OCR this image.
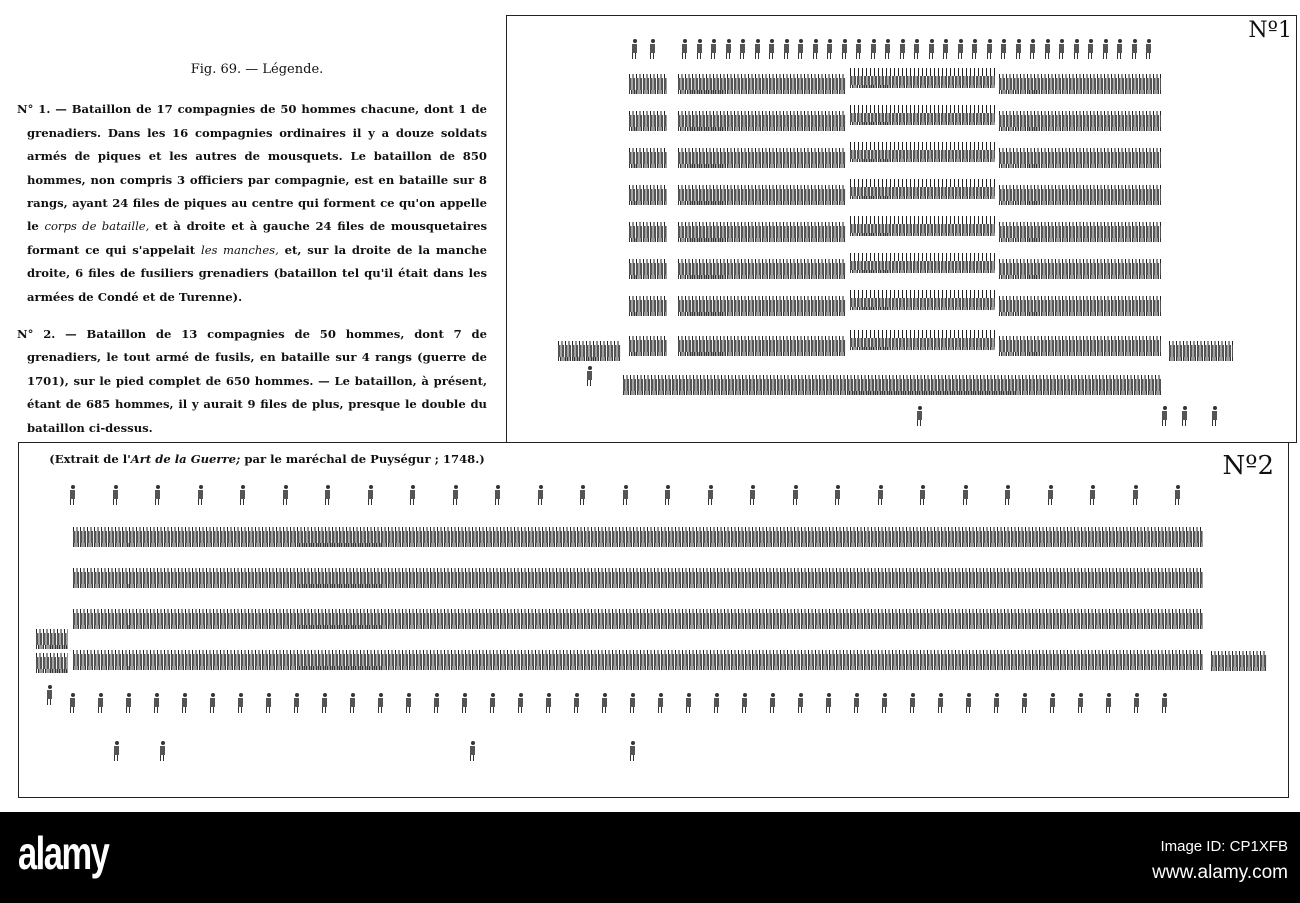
Fig. 69. — Légende.

N° 1. — Bataillon de 17 compagnies de 50 hommes chacune, dont 1 de grenadiers. Dans les 16 compagnies ordinaires il y a douze soldats armés de piques et les autres de mousquets. Le bataillon de 850 hommes, non compris 3 officiers par compagnie, est en bataille sur 8 rangs, ayant 24 files de piques au centre qui forment ce qu'on appelle le corps de bataille, et à droite et à gauche 24 files de mousquetaires formant ce qui s'appelait les manches, et, sur la droite de la manche droite, 6 files de fusiliers grenadiers (bataillon tel qu'il était dans les armées de Condé et de Turenne).

N° 2. — Bataillon de 13 compagnies de 50 hommes, dont 7 de grenadiers, le tout armé de fusils, en bataille sur 4 rangs (guerre de 1701), sur le pied complet de 650 hommes. — Le bataillon, à présent, étant de 685 hommes, il y aurait 9 files de plus, presque le double du bataillon ci-dessus.

(Extrait de l'Art de la Guerre; par le maréchal de Puységur ; 1748.)
Nº1
Nº2
alamy	Image ID: CP1XFB
www.alamy.com
